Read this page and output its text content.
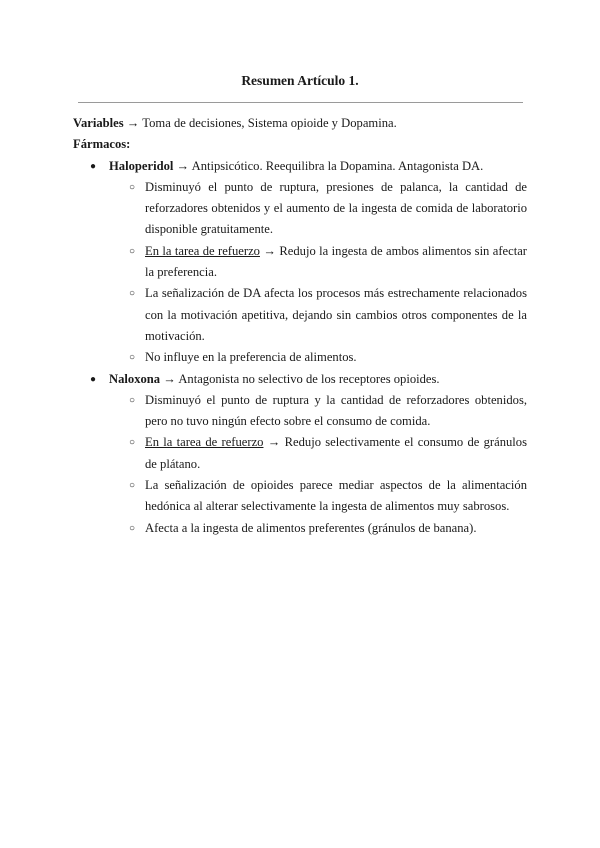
Resumen Artículo 1.

Variables → Toma de decisiones, Sistema opioide y Dopamina.

Fármacos:

● Haloperidol → Antipsicótico. Reequilibra la Dopamina. Antagonista DA.
○ Disminuyó el punto de ruptura, presiones de palanca, la cantidad de reforzadores obtenidos y el aumento de la ingesta de comida de laboratorio disponible gratuitamente.
○ En la tarea de refuerzo → Redujo la ingesta de ambos alimentos sin afectar la preferencia.
○ La señalización de DA afecta los procesos más estrechamente relacionados con la motivación apetitiva, dejando sin cambios otros componentes de la motivación.
○ No influye en la preferencia de alimentos.
● Naloxona → Antagonista no selectivo de los receptores opioides.
○ Disminuyó el punto de ruptura y la cantidad de reforzadores obtenidos, pero no tuvo ningún efecto sobre el consumo de comida.
○ En la tarea de refuerzo → Redujo selectivamente el consumo de gránulos de plátano.
○ La señalización de opioides parece mediar aspectos de la alimentación hedónica al alterar selectivamente la ingesta de alimentos muy sabrosos.
○ Afecta a la ingesta de alimentos preferentes (gránulos de banana).
